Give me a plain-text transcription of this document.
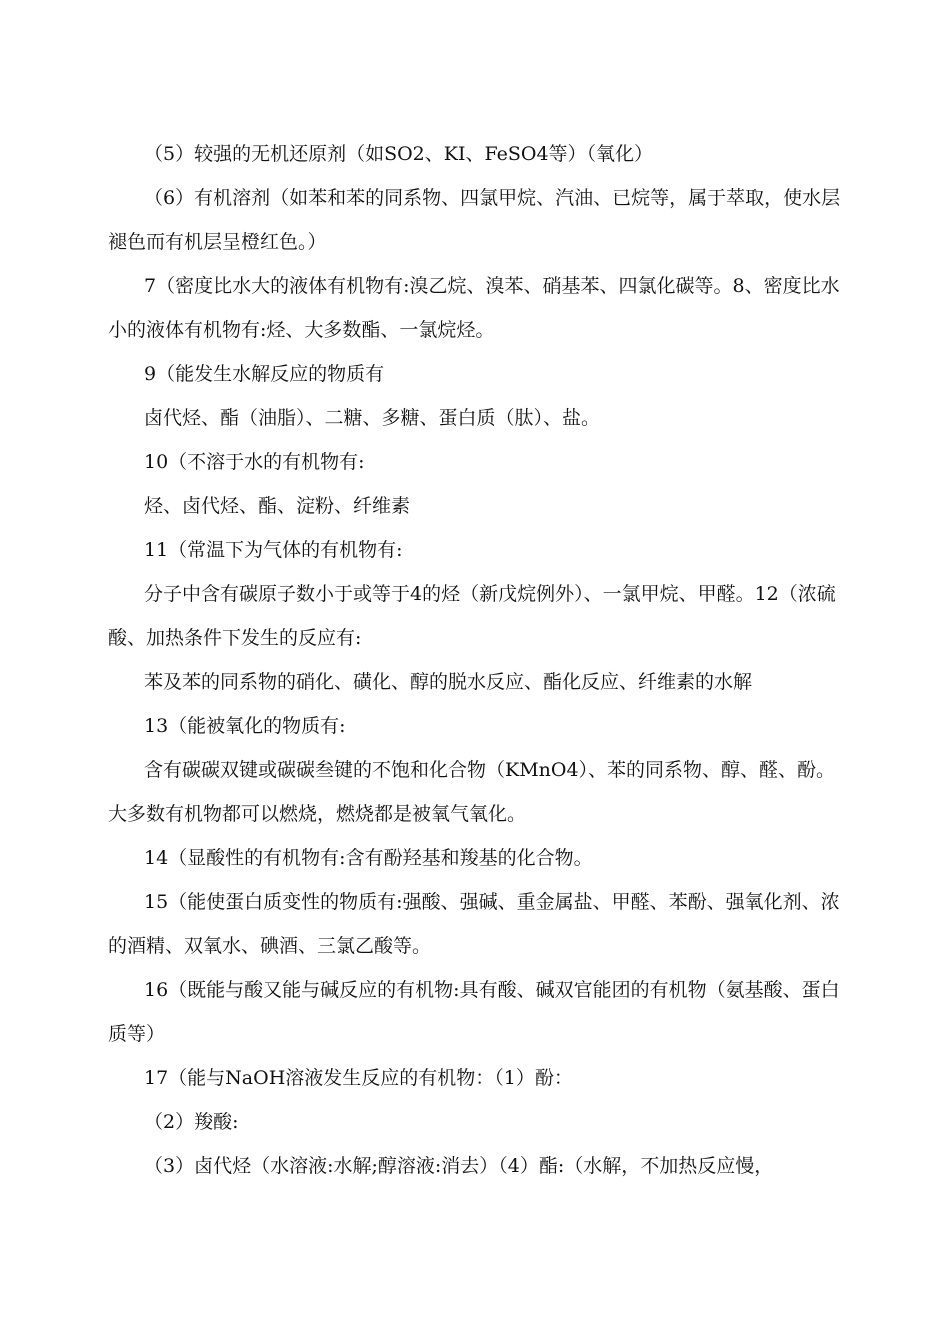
（5）较强的无机还原剂（如SO2、KI、FeSO4等）（氧化）

（6）有机溶剂（如苯和苯的同系物、四氯甲烷、汽油、已烷等，属于萃取，使水层褪色而有机层呈橙红色。）

7（密度比水大的液体有机物有:溴乙烷、溴苯、硝基苯、四氯化碳等。8、密度比水小的液体有机物有:烃、大多数酯、一氯烷烃。

9（能发生水解反应的物质有

卤代烃、酯（油脂）、二糖、多糖、蛋白质（肽）、盐。

10（不溶于水的有机物有:

烃、卤代烃、酯、淀粉、纤维素

11（常温下为气体的有机物有:

分子中含有碳原子数小于或等于4的烃（新戊烷例外）、一氯甲烷、甲醛。12（浓硫酸、加热条件下发生的反应有:

苯及苯的同系物的硝化、磺化、醇的脱水反应、酯化反应、纤维素的水解

13（能被氧化的物质有:

含有碳碳双键或碳碳叁键的不饱和化合物（KMnO4）、苯的同系物、醇、醛、酚。大多数有机物都可以燃烧，燃烧都是被氧气氧化。

14（显酸性的有机物有:含有酚羟基和羧基的化合物。

15（能使蛋白质变性的物质有:强酸、强碱、重金属盐、甲醛、苯酚、强氧化剂、浓的酒精、双氧水、碘酒、三氯乙酸等。

16（既能与酸又能与碱反应的有机物:具有酸、碱双官能团的有机物（氨基酸、蛋白质等）

17（能与NaOH溶液发生反应的有机物：（1）酚：

（2）羧酸:

（3）卤代烃（水溶液:水解;醇溶液:消去）（4）酯:（水解，不加热反应慢，
